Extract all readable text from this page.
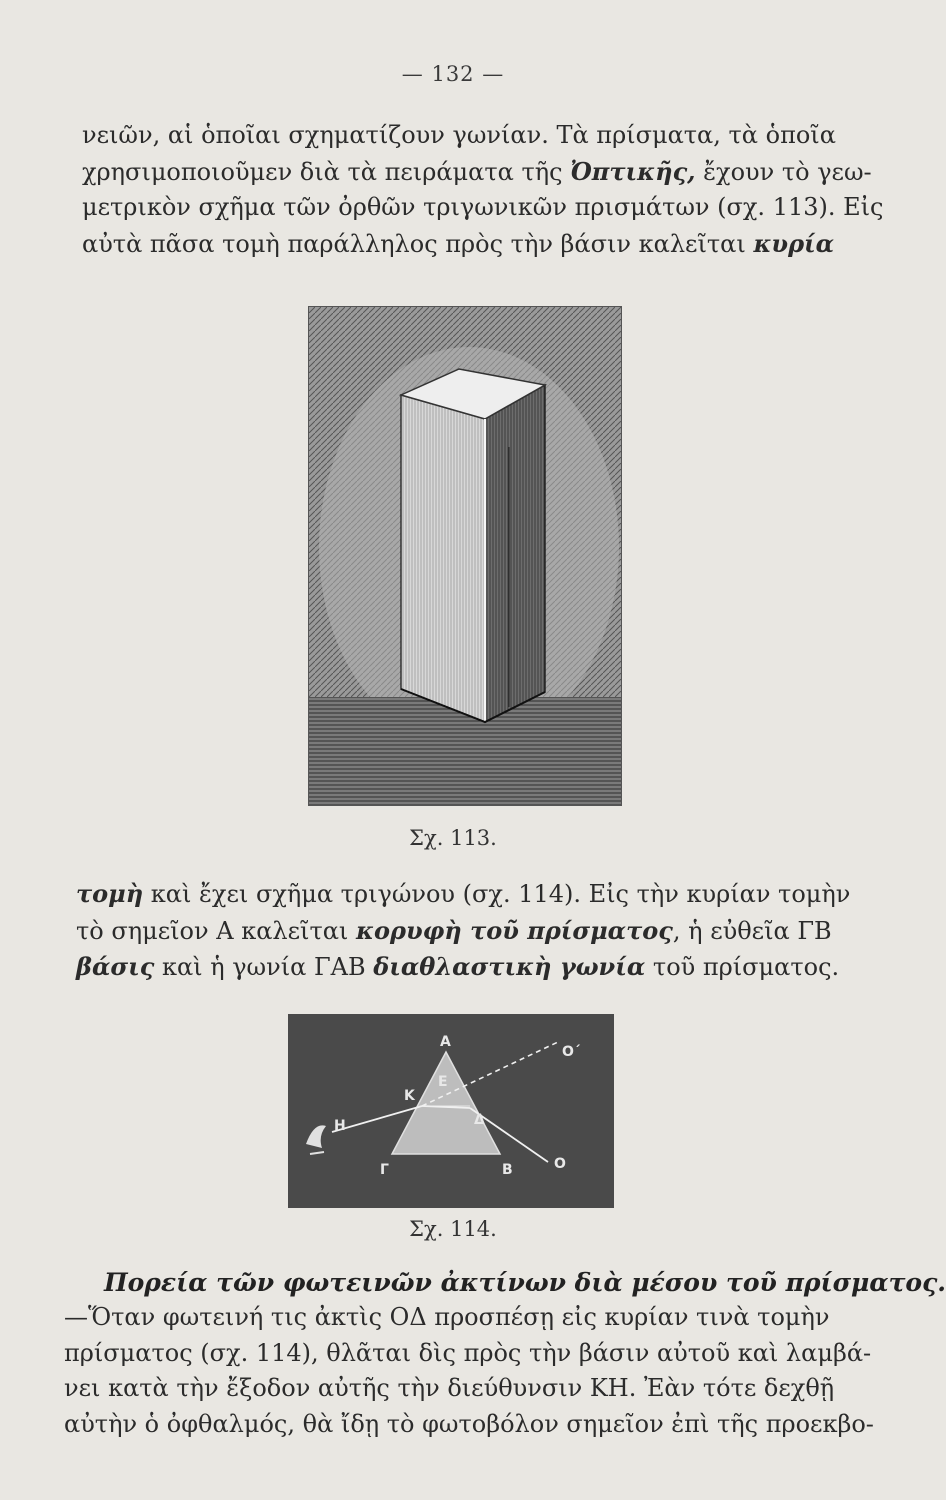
— 132 —
νειῶν, αἱ ὁποῖαι σχηματίζουν γωνίαν. Τὰ πρίσματα, τὰ ὁποῖα
χρησιμοποιοῦμεν διὰ τὰ πειράματα τῆς Ὀπτικῆς, ἔχουν τὸ γεω-
μετρικὸν σχῆμα τῶν ὀρθῶν τριγωνικῶν πρισμάτων (σχ. 113). Εἰς
αὐτὰ πᾶσα τομὴ παράλληλος πρὸς τὴν βάσιν καλεῖται κυρία
Σχ. 113.
τομὴ καὶ ἔχει σχῆμα τριγώνου (σχ. 114). Εἰς τὴν κυρίαν τομὴν
τὸ σημεῖον Α καλεῖται κορυφὴ τοῦ πρίσματος, ἡ εὐθεῖα ΓΒ
βάσις καὶ ἡ γωνία ΓΑΒ διαθλαστικὴ γωνία τοῦ πρίσματος.
Α
Ο΄
Κ
Ε
Δ
Η
Γ	Β	Ο
Σχ. 114.
Πορεία τῶν φωτεινῶν ἀκτίνων διὰ μέσου τοῦ πρίσματος.
—Ὅταν φωτεινή τις ἀκτὶς ΟΔ προσπέσῃ εἰς κυρίαν τινὰ τομὴν
πρίσματος (σχ. 114), θλᾶται δὶς πρὸς τὴν βάσιν αὐτοῦ καὶ λαμβά-
νει κατὰ τὴν ἔξοδον αὐτῆς τὴν διεύθυνσιν ΚΗ. Ἐὰν τότε δεχθῇ
αὐτὴν ὁ ὀφθαλμός, θὰ ἴδῃ τὸ φωτοβόλον σημεῖον ἐπὶ τῆς προεκβο-
